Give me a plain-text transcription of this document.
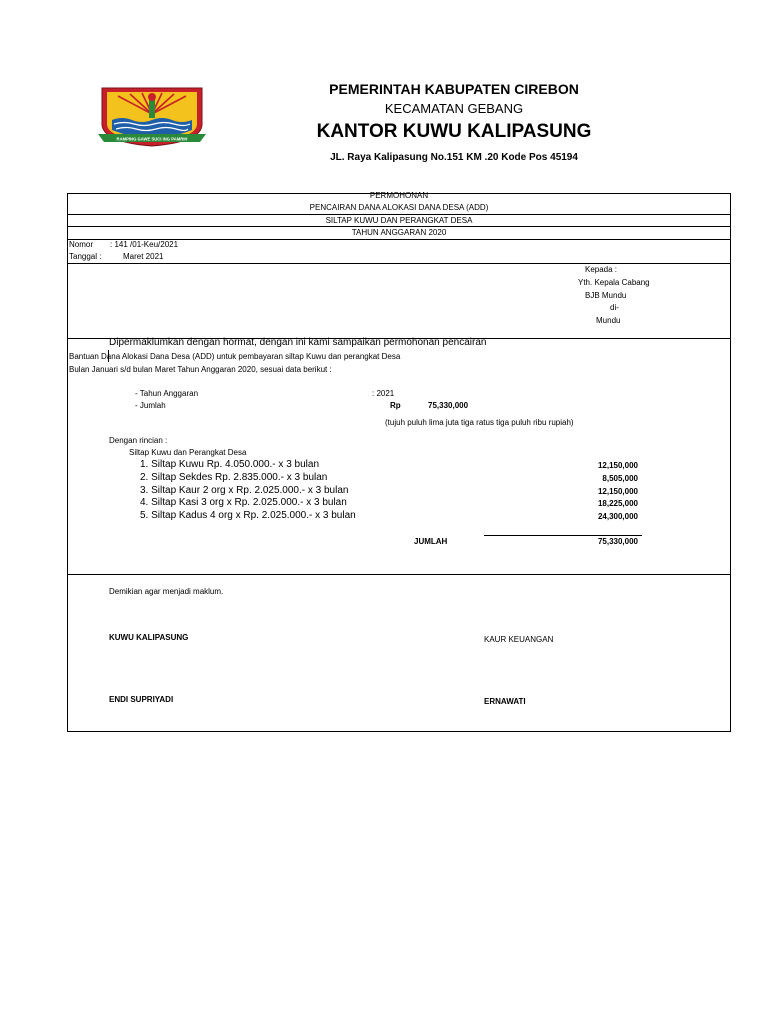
RAMPING GAWE SUCI ING PAMRIH
PEMERINTAH KABUPATEN CIREBON
KECAMATAN GEBANG
KANTOR KUWU KALIPASUNG
JL. Raya Kalipasung No.151 KM .20 Kode Pos 45194
PERMOHONAN
PENCAIRAN DANA ALOKASI DANA DESA (ADD)
SILTAP KUWU DAN PERANGKAT DESA
TAHUN ANGGARAN 2020
Nomor : 141 /01-Keu/2021
Tanggal :	Maret 2021
Kepada :
Yth. Kepala Cabang
BJB Mundu
di-
Mundu
Dipermaklumkan dengan hormat, dengan ini kami sampaikan permohonan pencairan
Bantuan Dana Alokasi Dana Desa (ADD) untuk pembayaran siltap Kuwu dan perangkat Desa
Bulan Januari s/d bulan Maret Tahun Anggaran 2020, sesuai data berikut :
- Tahun Anggaran	: 2021
- Jumlah	Rp	75,330,000
(tujuh puluh lima juta tiga ratus tiga puluh ribu rupiah)
Dengan rincian :
Siltap Kuwu dan Perangkat Desa
1. Siltap Kuwu Rp. 4.050.000.- x 3 bulan	12,150,000
2. Siltap Sekdes Rp. 2.835.000.- x 3 bulan	8,505,000
3. Siltap Kaur 2 org x Rp. 2.025.000.- x 3 bulan	12,150,000
4. Siltap Kasi 3 org x Rp. 2.025.000.- x 3 bulan	18,225,000
5. Siltap Kadus 4 org x Rp. 2.025.000.- x 3 bulan	24,300,000
JUMLAH	75,330,000
Demikian agar menjadi maklum.
KUWU KALIPASUNG	KAUR KEUANGAN
ENDI SUPRIYADI	ERNAWATI
